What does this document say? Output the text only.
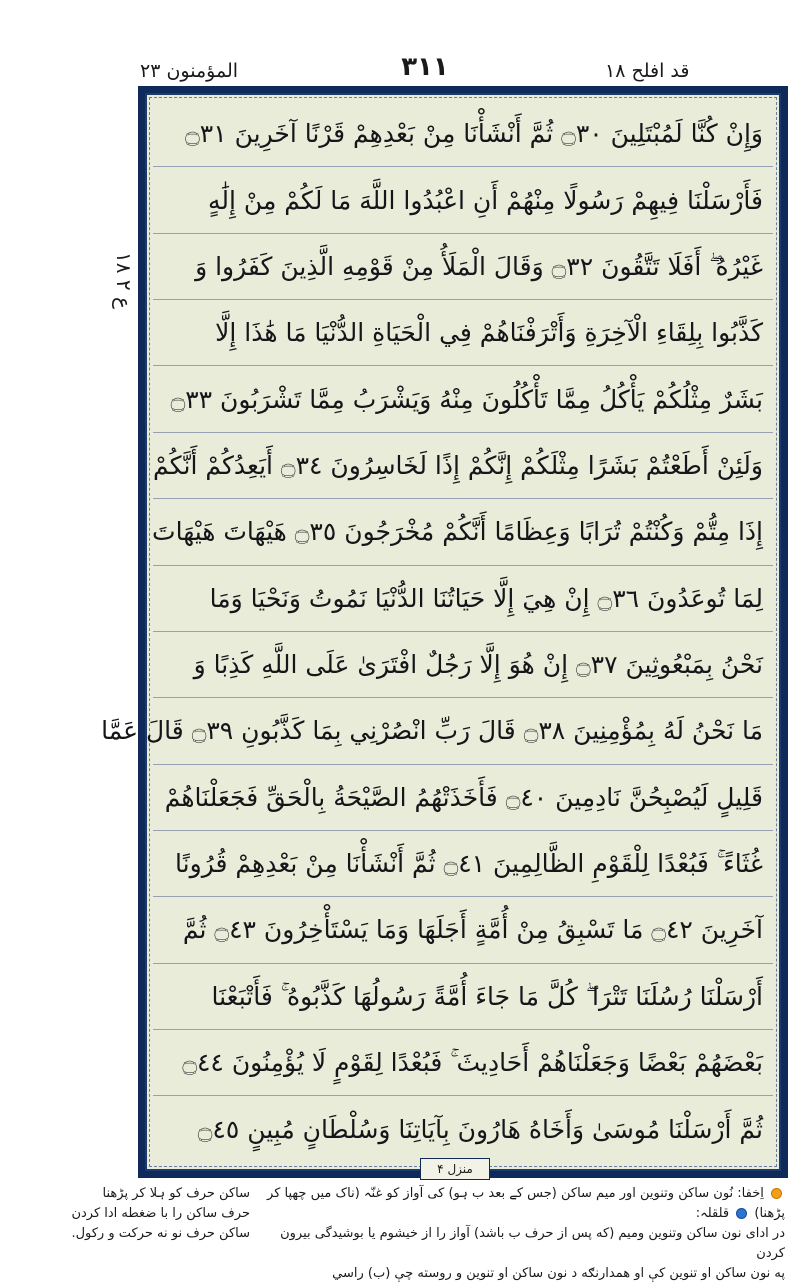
المؤمنون ۲۳	۳۱۱	قد افلح ۱۸
ع ۲ ۱۸
وَإِنْ كُنَّا لَمُبْتَلِينَ ۝٣٠ ثُمَّ أَنْشَأْنَا مِنْ بَعْدِهِمْ قَرْنًا آخَرِينَ ۝٣١
فَأَرْسَلْنَا فِيهِمْ رَسُولًا مِنْهُمْ أَنِ اعْبُدُوا اللَّهَ مَا لَكُمْ مِنْ إِلَٰهٍ
غَيْرُهُ ۖ أَفَلَا تَتَّقُونَ ۝٣٢ وَقَالَ الْمَلَأُ مِنْ قَوْمِهِ الَّذِينَ كَفَرُوا وَ
كَذَّبُوا بِلِقَاءِ الْآخِرَةِ وَأَتْرَفْنَاهُمْ فِي الْحَيَاةِ الدُّنْيَا مَا هَٰذَا إِلَّا
بَشَرٌ مِثْلُكُمْ يَأْكُلُ مِمَّا تَأْكُلُونَ مِنْهُ وَيَشْرَبُ مِمَّا تَشْرَبُونَ ۝٣٣
وَلَئِنْ أَطَعْتُمْ بَشَرًا مِثْلَكُمْ إِنَّكُمْ إِذًا لَخَاسِرُونَ ۝٣٤ أَيَعِدُكُمْ أَنَّكُمْ
إِذَا مِتُّمْ وَكُنْتُمْ تُرَابًا وَعِظَامًا أَنَّكُمْ مُخْرَجُونَ ۝٣٥ هَيْهَاتَ هَيْهَاتَ
لِمَا تُوعَدُونَ ۝٣٦ إِنْ هِيَ إِلَّا حَيَاتُنَا الدُّنْيَا نَمُوتُ وَنَحْيَا وَمَا
نَحْنُ بِمَبْعُوثِينَ ۝٣٧ إِنْ هُوَ إِلَّا رَجُلٌ افْتَرَىٰ عَلَى اللَّهِ كَذِبًا وَ
مَا نَحْنُ لَهُ بِمُؤْمِنِينَ ۝٣٨ قَالَ رَبِّ انْصُرْنِي بِمَا كَذَّبُونِ ۝٣٩ قَالَ عَمَّا
قَلِيلٍ لَيُصْبِحُنَّ نَادِمِينَ ۝٤٠ فَأَخَذَتْهُمُ الصَّيْحَةُ بِالْحَقِّ فَجَعَلْنَاهُمْ
غُثَاءً ۚ فَبُعْدًا لِلْقَوْمِ الظَّالِمِينَ ۝٤١ ثُمَّ أَنْشَأْنَا مِنْ بَعْدِهِمْ قُرُونًا
آخَرِينَ ۝٤٢ مَا تَسْبِقُ مِنْ أُمَّةٍ أَجَلَهَا وَمَا يَسْتَأْخِرُونَ ۝٤٣ ثُمَّ
أَرْسَلْنَا رُسُلَنَا تَتْرَا ۖ كُلَّ مَا جَاءَ أُمَّةً رَسُولُهَا كَذَّبُوهُ ۚ فَأَتْبَعْنَا
بَعْضَهُمْ بَعْضًا وَجَعَلْنَاهُمْ أَحَادِيثَ ۚ فَبُعْدًا لِقَوْمٍ لَا يُؤْمِنُونَ ۝٤٤
ثُمَّ أَرْسَلْنَا مُوسَىٰ وَأَخَاهُ هَارُونَ بِآيَاتِنَا وَسُلْطَانٍ مُبِينٍ ۝٤٥
منزل ۴
اِخفا: نُون ساکن وتنوین اور میم ساکن (جس کے بعد ب ہو) کی آواز کو غنّہ (ناک میں چھپا کر پڑھنا)  قلقلہ:
در ادای نون ساکن وتنوین ومیم (که پس از حرف ب باشد) آواز را از خیشوم یا بوشیدگی بیرون کردن
په نون ساکن او تنوین کې او همدارنګه د نون ساکن او تنوین و روسته چې (ب) راسي
ساکن حرف کو ہلا کر پڑھنا
حرف ساکن را با ضغطه ادا کردن
ساکن حرف نو نه حرکت و رکول.
